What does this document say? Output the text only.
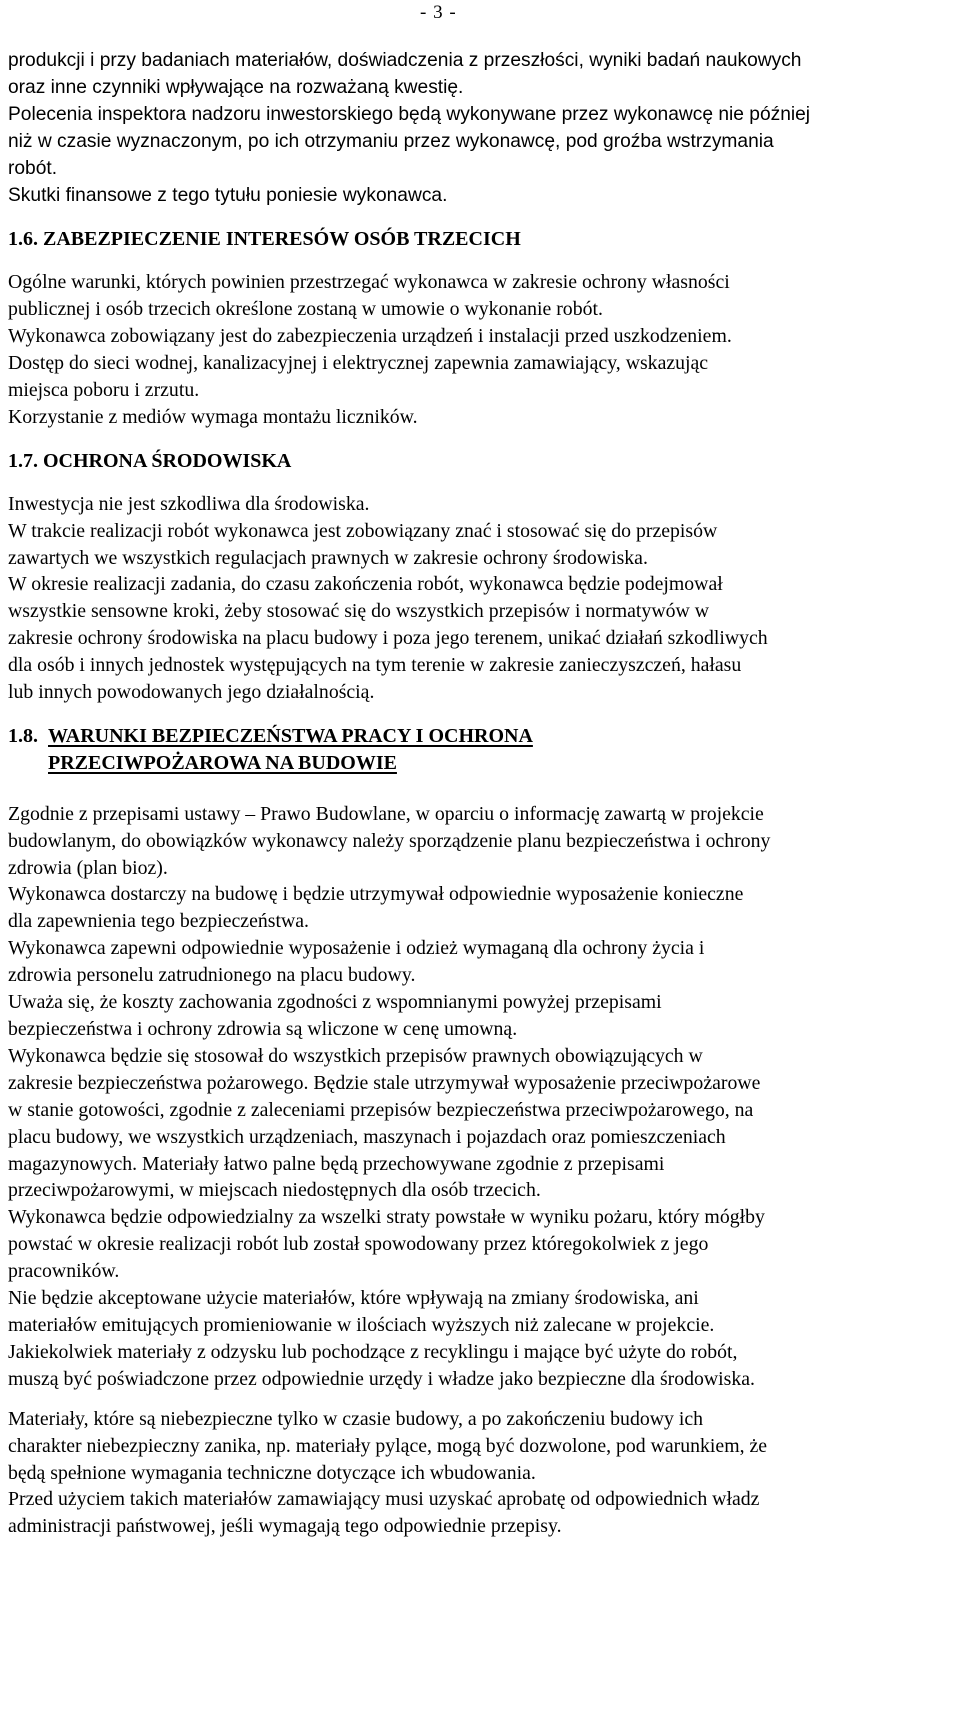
- 3 -

produkcji i przy badaniach materiałów, doświadczenia z przeszłości, wyniki badań naukowych

oraz inne czynniki wpływające na rozważaną kwestię.

Polecenia inspektora nadzoru inwestorskiego będą wykonywane przez wykonawcę nie później

niż w czasie wyznaczonym, po ich otrzymaniu przez wykonawcę, pod groźba wstrzymania

robót.

Skutki finansowe z tego tytułu poniesie wykonawca.

1.6. ZABEZPIECZENIE INTERESÓW OSÓB TRZECICH

Ogólne warunki, których powinien przestrzegać wykonawca w zakresie ochrony własności

publicznej i osób trzecich określone zostaną w umowie o wykonanie robót.

Wykonawca zobowiązany jest do zabezpieczenia urządzeń i instalacji przed uszkodzeniem.

Dostęp do sieci wodnej, kanalizacyjnej i elektrycznej zapewnia zamawiający, wskazując

miejsca poboru i zrzutu.

Korzystanie z mediów wymaga montażu liczników.

1.7. OCHRONA ŚRODOWISKA

Inwestycja nie jest szkodliwa dla środowiska.

W trakcie realizacji robót wykonawca jest zobowiązany znać i stosować się do przepisów

zawartych we wszystkich regulacjach prawnych w zakresie ochrony środowiska.

W okresie realizacji zadania, do czasu zakończenia robót, wykonawca będzie podejmował

wszystkie sensowne kroki, żeby stosować się do wszystkich przepisów i normatywów w

zakresie ochrony środowiska na placu budowy i poza jego terenem, unikać działań szkodliwych

dla osób i innych jednostek występujących na tym terenie w zakresie zanieczyszczeń, hałasu

lub innych powodowanych jego działalnością.

1.8. WARUNKI BEZPIECZEŃSTWA PRACY I OCHRONA
PRZECIWPOŻAROWA NA BUDOWIE

Zgodnie z przepisami ustawy – Prawo Budowlane, w oparciu o informację zawartą w projekcie

budowlanym, do obowiązków wykonawcy należy sporządzenie planu bezpieczeństwa i ochrony

zdrowia (plan bioz).

Wykonawca dostarczy na budowę i będzie utrzymywał odpowiednie wyposażenie konieczne

dla zapewnienia tego bezpieczeństwa.

Wykonawca zapewni odpowiednie wyposażenie i odzież wymaganą dla ochrony życia i

zdrowia personelu zatrudnionego na placu budowy.

Uważa się, że koszty zachowania zgodności z wspomnianymi powyżej przepisami

bezpieczeństwa i ochrony zdrowia są wliczone w cenę umowną.

Wykonawca będzie się stosował do wszystkich przepisów prawnych obowiązujących w

zakresie bezpieczeństwa pożarowego. Będzie stale utrzymywał wyposażenie przeciwpożarowe

w stanie gotowości, zgodnie z zaleceniami przepisów bezpieczeństwa przeciwpożarowego, na

placu budowy, we wszystkich urządzeniach, maszynach i pojazdach oraz pomieszczeniach

magazynowych. Materiały łatwo palne będą przechowywane zgodnie z przepisami

przeciwpożarowymi, w miejscach niedostępnych dla osób trzecich.

Wykonawca będzie odpowiedzialny za wszelki straty powstałe w wyniku pożaru, który mógłby

powstać w okresie realizacji robót lub został spowodowany przez któregokolwiek z jego

pracowników.

Nie będzie akceptowane użycie materiałów, które wpływają na zmiany środowiska, ani

materiałów emitujących promieniowanie w ilościach wyższych niż zalecane w projekcie.

Jakiekolwiek materiały z odzysku lub pochodzące z recyklingu i mające być użyte do robót,

muszą być poświadczone przez odpowiednie urzędy i władze jako bezpieczne dla środowiska.

Materiały, które są niebezpieczne tylko w czasie budowy, a po zakończeniu budowy ich

charakter niebezpieczny zanika, np. materiały pylące, mogą być dozwolone, pod warunkiem, że

będą spełnione wymagania techniczne dotyczące ich wbudowania.

Przed użyciem takich materiałów zamawiający musi uzyskać aprobatę od odpowiednich władz

administracji państwowej, jeśli wymagają tego odpowiednie przepisy.
